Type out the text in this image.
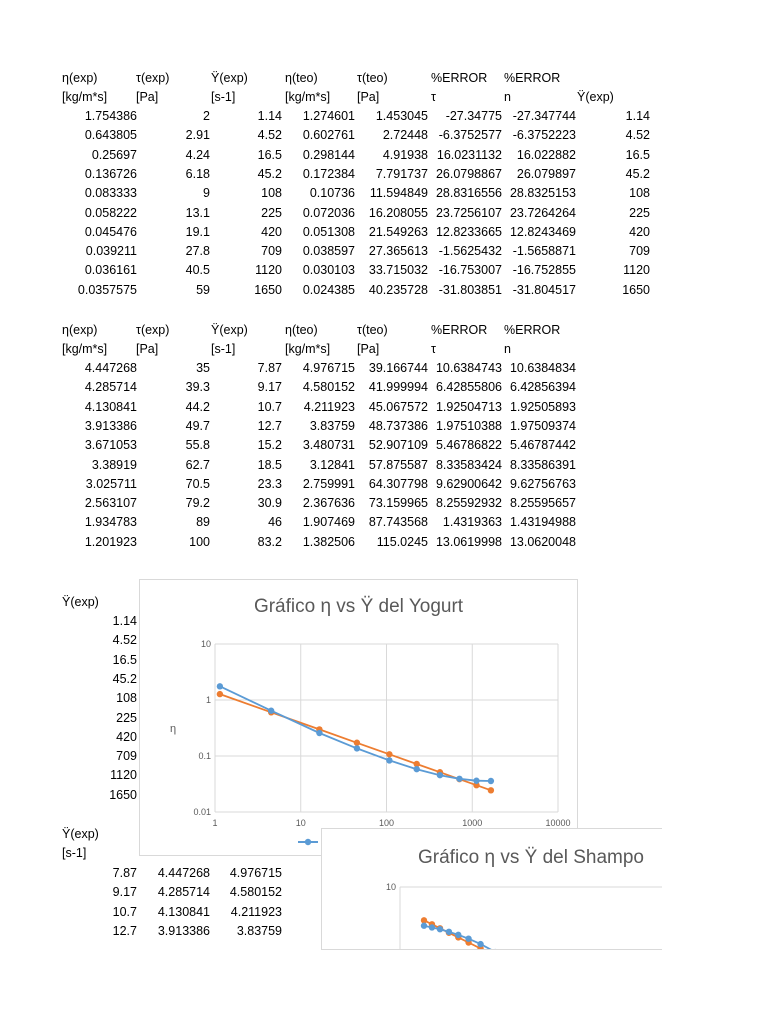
η(exp)	τ(exp)	Ÿ(exp)	η(teo)	τ(teo)	%ERROR %ERROR
[kg/m*s] [Pa]	[s-1]	[kg/m*s] [Pa]	τ	n	Ÿ(exp)
1.754386	2	1.14	1.274601	1.453045	-27.34775 -27.347744	1.14
0.643805	2.91	4.52	0.602761	2.72448 -6.3752577 -6.3752223	4.52
0.25697	4.24	16.5	0.298144	4.91938 16.0231132	16.022882	16.5
0.136726	6.18	45.2	0.172384	7.791737 26.0798867	26.079897	45.2
0.083333	9	108	0.10736	11.594849 28.8316556 28.8325153	108
0.058222	13.1	225	0.072036	16.208055 23.7256107 23.7264264	225
0.045476	19.1	420	0.051308	21.549263 12.8233665 12.8243469	420
0.039211	27.8	709	0.038597	27.365613 -1.5625432 -1.5658871	709
0.036161	40.5	1120	0.030103	33.715032 -16.753007 -16.752855	1120
0.0357575	59	1650	0.024385	40.235728 -31.803851 -31.804517	1650
η(exp)	τ(exp)	Ÿ(exp)	η(teo)	τ(teo)	%ERROR %ERROR
[kg/m*s] [Pa]	[s-1]	[kg/m*s] [Pa]	τ	n
4.447268	35	7.87	4.976715	39.166744 10.6384743 10.6384834
4.285714	39.3	9.17	4.580152	41.999994 6.42855806 6.42856394
4.130841	44.2	10.7	4.211923	45.067572 1.92504713 1.92505893
3.913386	49.7	12.7	3.83759	48.737386 1.97510388 1.97509374
3.671053	55.8	15.2	3.480731	52.907109 5.46786822 5.46787442
3.38919	62.7	18.5	3.12841	57.875587 8.33583424 8.33586391
3.025711	70.5	23.3	2.759991	64.307798 9.62900642 9.62756763
2.563107	79.2	30.9	2.367636	73.159965 8.25592932 8.25595657
1.934783	89	46	1.907469	87.743568	1.4319363 1.43194988
1.201923	100	83.2	1.382506	115.0245 13.0619998 13.0620048
Ÿ(exp)
1.14
4.52
16.5
45.2
108
225
420
709
1120
1650
Ÿ(exp)
[s-1]
7.87	4.447268	4.976715
9.17	4.285714	4.580152
10.7	4.130841	4.211923
12.7	3.913386	3.83759
Gráfico η vs Ÿ del Yogurt
1	10	100	1000	10000
0.01
0.1
1
10
η
Gráfico η vs Ÿ del Shampo
10
